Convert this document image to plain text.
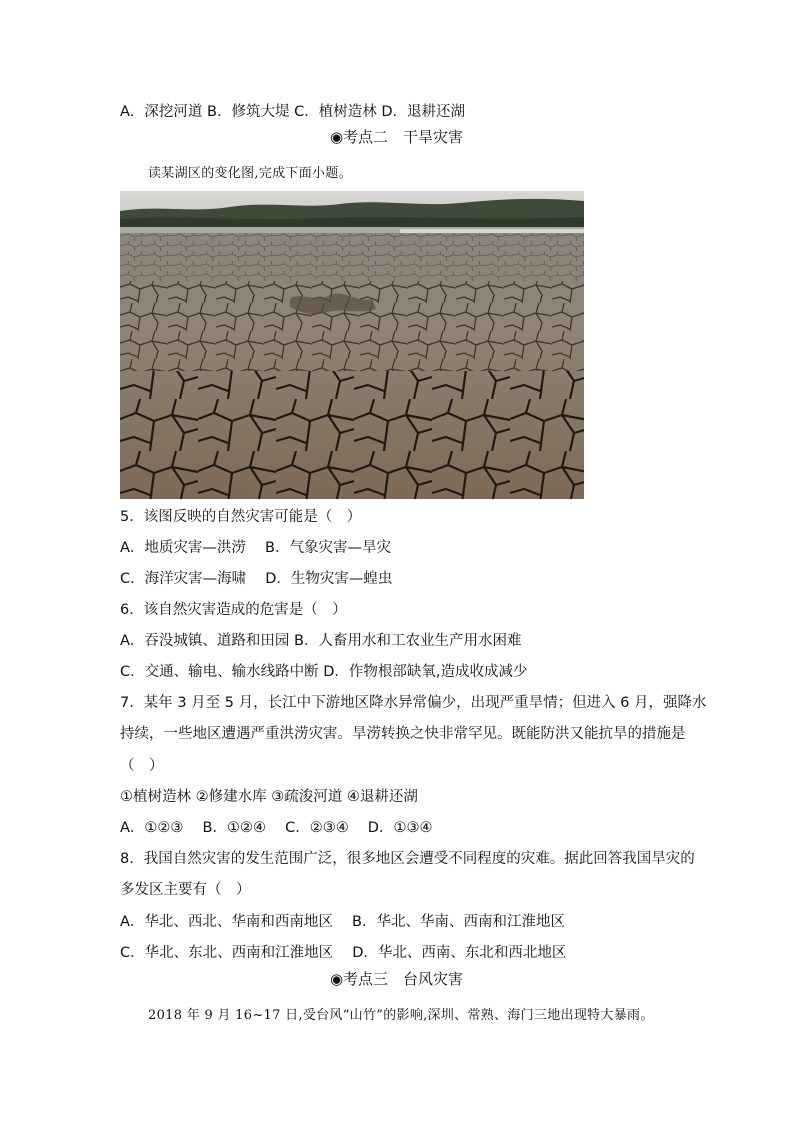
A．深挖河道 B．修筑大堤 C．植树造林 D．退耕还湖
◉考点二　干旱灾害
读某湖区的变化图,完成下面小题。
5．该图反映的自然灾害可能是（　）
A．地质灾害—洪涝　 B．气象灾害—旱灾
C．海洋灾害—海啸　 D．生物灾害—蝗虫
6．该自然灾害造成的危害是（　）
A．吞没城镇、道路和田园 B．人畜用水和工农业生产用水困难
C．交通、输电、输水线路中断 D．作物根部缺氧,造成收成减少
7．某年 3 月至 5 月，长江中下游地区降水异常偏少，出现严重旱情；但进入 6 月，强降水
持续，一些地区遭遇严重洪涝灾害。旱涝转换之快非常罕见。既能防洪又能抗旱的措施是
（　）
①植树造林 ②修建水库 ③疏浚河道 ④退耕还湖
A．①②③　 B．①②④　 C．②③④　 D．①③④
8．我国自然灾害的发生范围广泛，很多地区会遭受不同程度的灾难。据此回答我国旱灾的
多发区主要有（　）
A．华北、西北、华南和西南地区　 B．华北、华南、西南和江淮地区
C．华北、东北、西南和江淮地区　 D．华北、西南、东北和西北地区
◉考点三　台风灾害
2018 年 9 月 16~17 日,受台风“山竹”的影响,深圳、常熟、海门三地出现特大暴雨。
